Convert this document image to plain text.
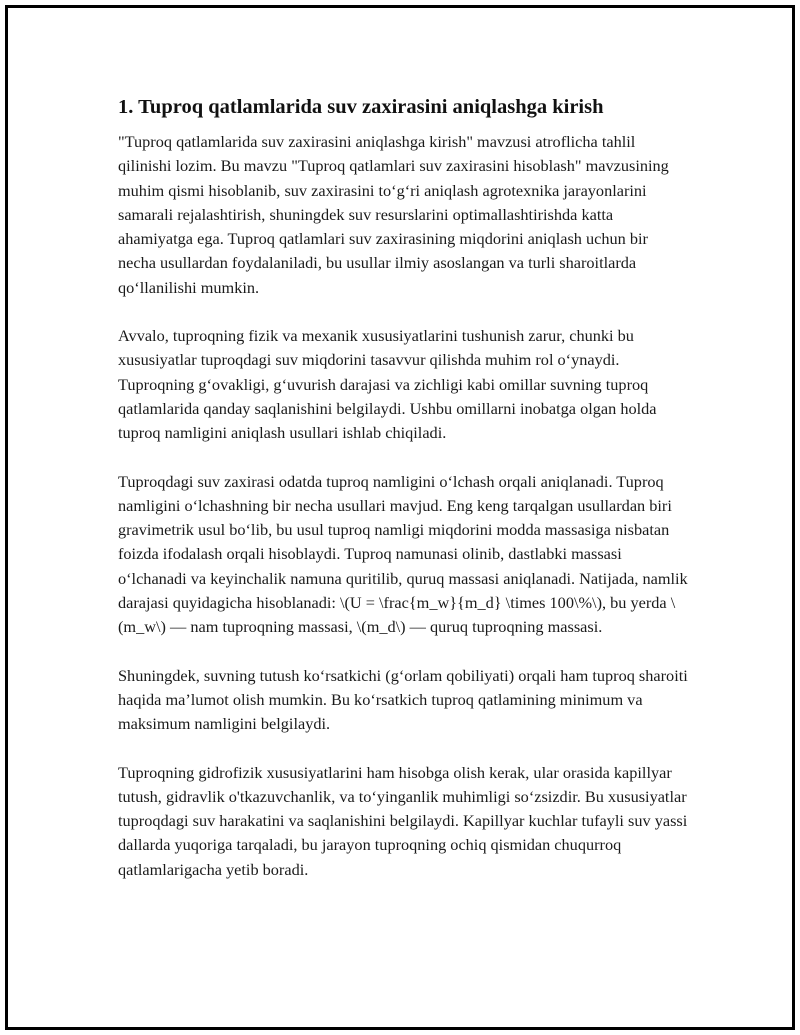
1. Tuproq qatlamlarida suv zaxirasini aniqlashga kirish

"Tuproq qatlamlarida suv zaxirasini aniqlashga kirish" mavzusi atroflicha tahlil qilinishi lozim. Bu mavzu "Tuproq qatlamlari suv zaxirasini hisoblash" mavzusining muhim qismi hisoblanib, suv zaxirasini to‘g‘ri aniqlash agrotexnika jarayonlarini samarali rejalashtirish, shuningdek suv resurslarini optimallashtirishda katta ahamiyatga ega. Tuproq qatlamlari suv zaxirasining miqdorini aniqlash uchun bir necha usullardan foydalaniladi, bu usullar ilmiy asoslangan va turli sharoitlarda qo‘llanilishi mumkin.

Avvalo, tuproqning fizik va mexanik xususiyatlarini tushunish zarur, chunki bu xususiyatlar tuproqdagi suv miqdorini tasavvur qilishda muhim rol o‘ynaydi. Tuproqning g‘ovakligi, g‘uvurish darajasi va zichligi kabi omillar suvning tuproq qatlamlarida qanday saqlanishini belgilaydi. Ushbu omillarni inobatga olgan holda tuproq namligini aniqlash usullari ishlab chiqiladi.

Tuproqdagi suv zaxirasi odatda tuproq namligini o‘lchash orqali aniqlanadi. Tuproq namligini o‘lchashning bir necha usullari mavjud. Eng keng tarqalgan usullardan biri gravimetrik usul bo‘lib, bu usul tuproq namligi miqdorini modda massasiga nisbatan foizda ifodalash orqali hisoblaydi. Tuproq namunasi olinib, dastlabki massasi o‘lchanadi va keyinchalik namuna quritilib, quruq massasi aniqlanadi. Natijada, namlik darajasi quyidagicha hisoblanadi: \(U = \frac{m_w}{m_d} \times 100\%\), bu yerda \(m_w\) — nam tuproqning massasi, \(m_d\) — quruq tuproqning massasi.

Shuningdek, suvning tutush ko‘rsatkichi (g‘orlam qobiliyati) orqali ham tuproq sharoiti haqida ma’lumot olish mumkin. Bu ko‘rsatkich tuproq qatlamining minimum va maksimum namligini belgilaydi.

Tuproqning gidrofizik xususiyatlarini ham hisobga olish kerak, ular orasida kapillyar tutush, gidravlik o'tkazuvchanlik, va to‘yinganlik muhimligi so‘zsizdir. Bu xususiyatlar tuproqdagi suv harakatini va saqlanishini belgilaydi. Kapillyar kuchlar tufayli suv yassi dallarda yuqoriga tarqaladi, bu jarayon tuproqning ochiq qismidan chuqurroq qatlamlarigacha yetib boradi.
